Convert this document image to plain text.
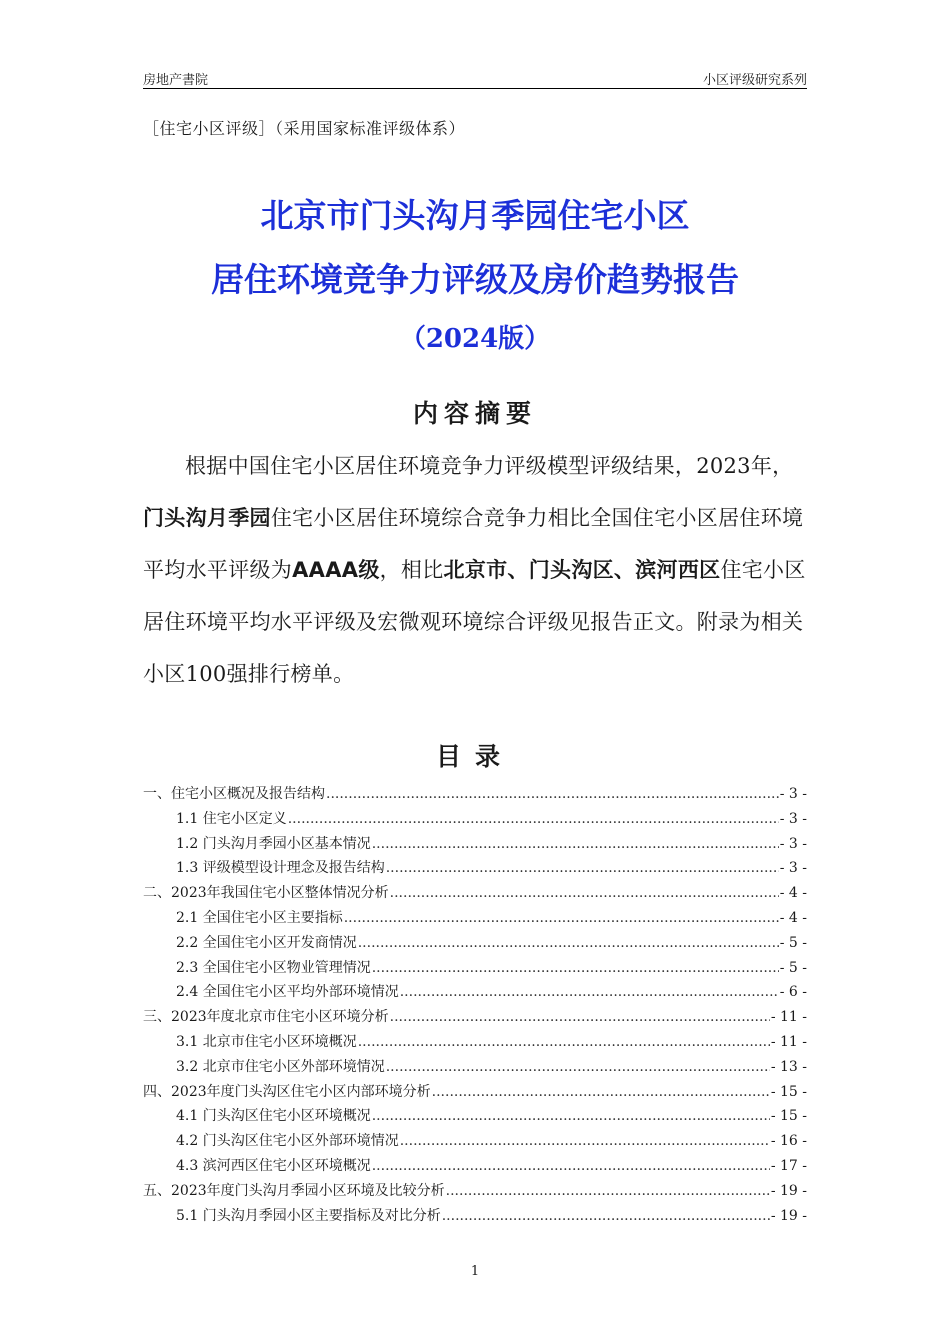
房地产書院	小区评级研究系列
［住宅小区评级］（采用国家标准评级体系）
北京市门头沟月季园住宅小区
居住环境竞争力评级及房价趋势报告
（2024版）
内容摘要

根据中国住宅小区居住环境竞争力评级模型评级结果，2023年，门头沟月季园住宅小区居住环境综合竞争力相比全国住宅小区居住环境平均水平评级为AAAA级，相比北京市、门头沟区、滨河西区住宅小区居住环境平均水平评级及宏微观环境综合评级见报告正文。附录为相关小区100强排行榜单。

目录
一、住宅小区概况及报告结构 .....	- 3 -
1.1 住宅小区定义 .....	- 3 -
1.2 门头沟月季园小区基本情况 .....	- 3 -
1.3 评级模型设计理念及报告结构 .....	- 3 -
二、2023年我国住宅小区整体情况分析 .....	- 4 -
2.1 全国住宅小区主要指标 .....	- 4 -
2.2 全国住宅小区开发商情况 .....	- 5 -
2.3 全国住宅小区物业管理情况 .....	- 5 -
2.4 全国住宅小区平均外部环境情况 .....	- 6 -
三、2023年度北京市住宅小区环境分析 .....	- 11 -
3.1 北京市住宅小区环境概况 .....	- 11 -
3.2 北京市住宅小区外部环境情况 .....	- 13 -
四、2023年度门头沟区住宅小区内部环境分析 .....	- 15 -
4.1 门头沟区住宅小区环境概况 .....	- 15 -
4.2 门头沟区住宅小区外部环境情况 .....	- 16 -
4.3 滨河西区住宅小区环境概况 .....	- 17 -
五、2023年度门头沟月季园小区环境及比较分析 .....	- 19 -
5.1 门头沟月季园小区主要指标及对比分析 .....	- 19 -
1
